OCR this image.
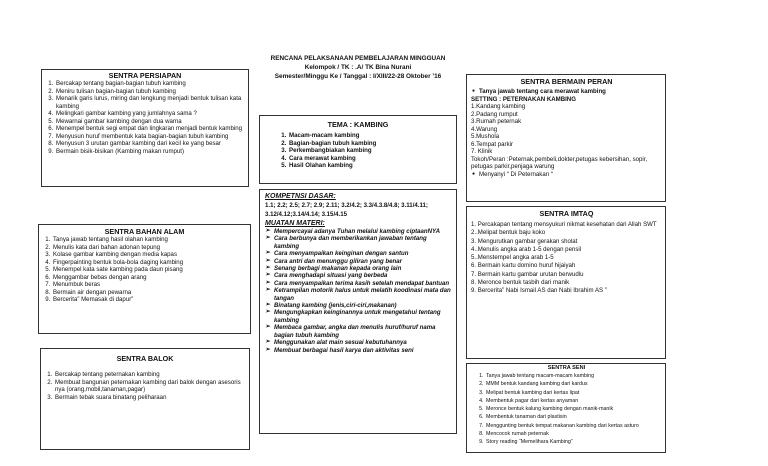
RENCANA PELAKSANAAN PEMBELAJARAN MINGGUAN
Kelompok / TK : .A/ TK Bina Nurani
Semester/Minggu Ke / Tanggal : I/XIII/22-28 Oktober ’16
SENTRA PERSIAPAN
1. Bercakap tentang bagian-bagian tubuh kambing
2. Meniru tulisan bagian-bagian tubuh kambing
3. Menarik garis lurus, miring dan lengkung menjadi bentuk tulisan kata kambing
4. Melingkari gambar kambing yang jumlahnya sama ?
5. Mewarnai gambar kambing dengan dua warna
6. Menempel bentuk segi empat dan lingkaran menjadi bentuk kambing
7. Menyusun huruf membentuk kata bagian-bagian tubuh kambing
8. Menyusun 3 urutan gambar kambing dari kecil ke yang besar
9. Bermain bisik-bisikan (Kambing makan rumput)
SENTRA BAHAN ALAM
1. Tanya jawab tentang hasil olahan kambing
2. Menulis kata dari bahan adonan tepung
3. Kolase gambar kambing dengan media kapas
4. Fingerpainting bentuk bola-bola daging kambing
5. Menempel kata sate kambing pada daun pisang
6. Menggambar bebas dengan arang
7. Menumbuk beras
8. Bermain air dengan pewarna
9. Bercerita” Memasak di dapur”
SENTRA BALOK
1. Bercakap tentang peternakan kambing
2. Membuat bangunan peternakan kambing dari balok dengan asesoris nya (orang,mobil,tanaman,pagar)
3. Bermain tebak suara binatang peliharaan
TEMA : KAMBING
1. Macam-macam kambing
2. Bagian-bagian tubuh kambing
3. Perkembangbiakan kambing
4. Cara merawat kambing
5. Hasil Olahan kambing
KOMPETNSI DASAR:
1.1; 2.2; 2.5; 2.7; 2.9; 2.11; 3.2/4.2; 3.3/4.3.8/4.8; 3.11/4.11; 3.12/4.12;3.14/4.14; 3.15/4.15
MUATAN MATERI:
➢ Mempercayai adanya Tuhan melalui kambing ciptaanNYA
➢ Cara berbunya dan memberikankan jawaban tentang kambing
➢ Cara menyampaikan keinginan dengan santun
➢ Cara antri dan menunggu giliran yang benar
➢ Senang berbagi makanan kepada orang lain
➢ Cara menghadapi situasi yang berbeda
➢ Cara menyampaikan terima kasih setelah mendapat bantuan
➢ Ketrampilan motorik halus untuk melatih koodinasi mata dan tangan
➢ Binatang kambing (jenis,ciri-ciri,makanan)
➢ Mengungkapkan keinginannya untuk mengetahui tentang kambing
➢ Membaca gambar, angka dan menulis huruf/huruf nama bagian tubuh kambing
➢ Menggunakan alat main sesuai kebutuhannya
➢ Membuat berbagai hasil karya dan aktivitas seni
SENTRA BERMAIN PERAN

● Tanya jawab tentang cara merawat kambing

SETTING : PETERNAKAN KAMBING

1.Kandang kambing

2.Padang rumput

3.Rumah peternak

4.Warung

5.Mushola

6.Tempat parkir

7. Klinik

Tokoh/Peran :Peternak,pembeli,dokter,petugas kebersihan, sopir, petugas parkir,penjaga warung

● Menyanyi “ Di Peternakan “

SENTRA IMTAQ

1. Percakapan tentang mensyukuri nikmat kesehatan dari Allah SWT

2..Melipat bentuk baju koko

3. Mengurutkan gambar gerakan sholat

4..Menulis angka arab 1-5 dengan pensil

5..Menstempel angka arab 1-5

6. Bermain kartu domino huruf hijaiyah

7. Bermain kartu gambar urutan berwudlu

8. Meronce bentuk tasbih dari manik

9. Bercerita” Nabi Ismail AS dan Nabi Ibrahim AS ”

SENTRA SENI
1. Tanya jawab tentang macam-macam kambing
2. MMM bentuk kandang kambing dari kardus
3. Melipat bentuk kambing dari kertas lipat
4. Membentuk pagar dari kertas anyaman
5. Meronce bentuk kalung kambing dengan manik-manik
6. Membentuk tanaman dari plastisin
7. Menggunting bentuk tempat makanan kambing dari kertas asturo
8. Mencocok rumah peternak
9. Story reading “Memelihara Kambing”
